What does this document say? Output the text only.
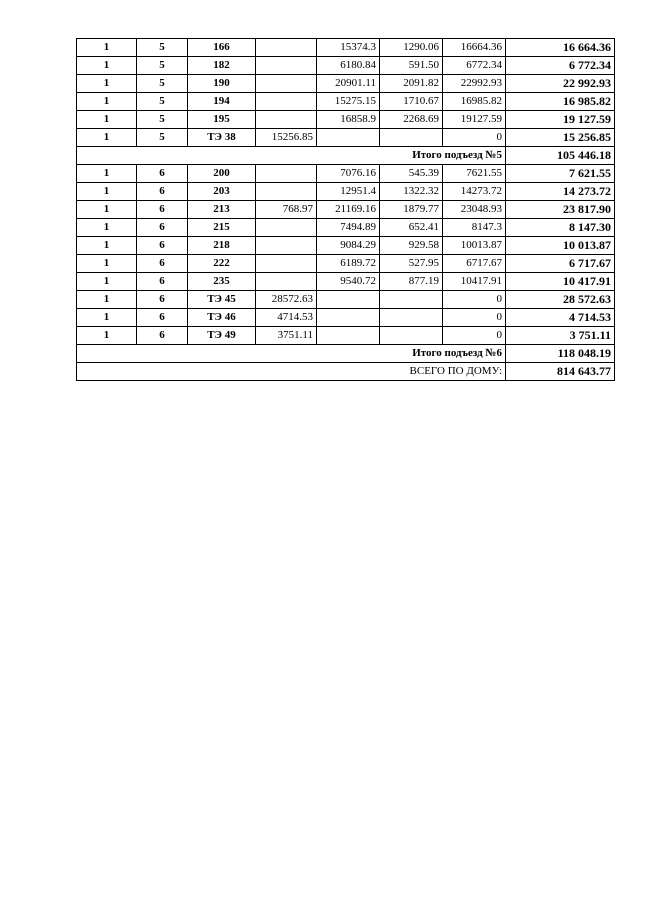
1	5	166		15374.3	1290.06	16664.36	16 664.36
1	5	182		6180.84	591.50	6772.34	6 772.34
1	5	190		20901.11	2091.82	22992.93	22 992.93
1	5	194		15275.15	1710.67	16985.82	16 985.82
1	5	195		16858.9	2268.69	19127.59	19 127.59
1	5	ТЭ 38	15256.85			0	15 256.85
Итого подъезд №5							105 446.18
1	6	200		7076.16	545.39	7621.55	7 621.55
1	6	203		12951.4	1322.32	14273.72	14 273.72
1	6	213	768.97	21169.16	1879.77	23048.93	23 817.90
1	6	215		7494.89	652.41	8147.3	8 147.30
1	6	218		9084.29	929.58	10013.87	10 013.87
1	6	222		6189.72	527.95	6717.67	6 717.67
1	6	235		9540.72	877.19	10417.91	10 417.91
1	6	ТЭ 45	28572.63			0	28 572.63
1	6	ТЭ 46	4714.53			0	4 714.53
1	6	ТЭ 49	3751.11			0	3 751.11
Итого подъезд №6							118 048.19
ВСЕГО ПО ДОМУ:							814 643.77
